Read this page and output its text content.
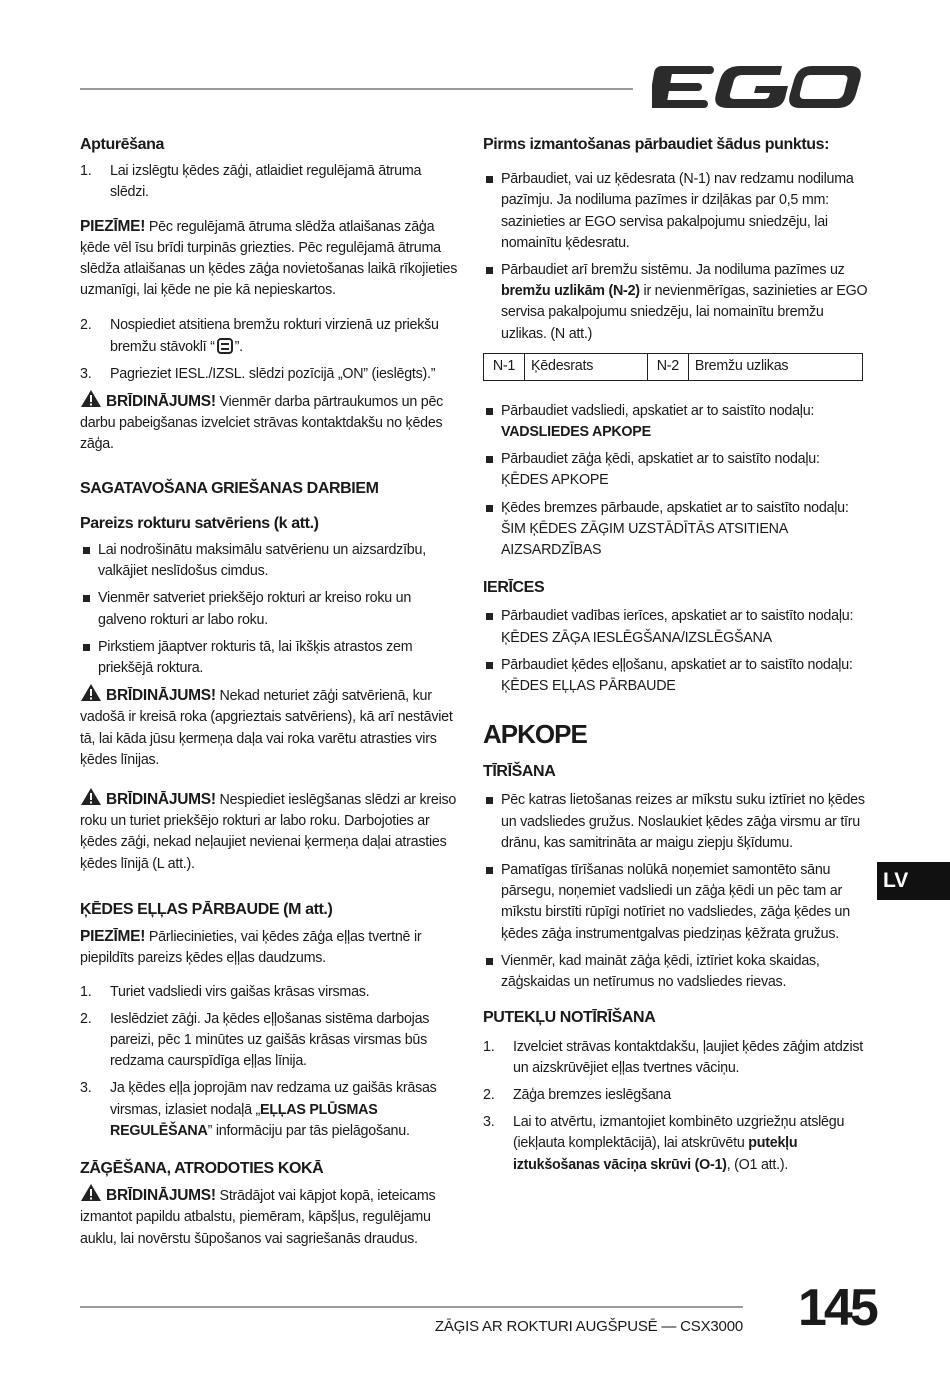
Apturēšana
1.	Lai izslēgtu ķēdes zāģi, atlaidiet regulējamā ātruma slēdzi.

PIEZĪME! Pēc regulējamā ātruma slēdža atlaišanas zāģa ķēde vēl īsu brīdi turpinās griezties. Pēc regulējamā ātruma slēdža atlaišanas un ķēdes zāģa novietošanas laikā rīkojieties uzmanīgi, lai ķēde ne pie kā nepieskartos.

2.	Nospiediet atsitiena bremžu rokturi virzienā uz priekšu bremžu stāvoklī “ ”.
3.	Pagrieziet IESL./IZSL. slēdzi pozīcijā „ON” (ieslēgts).”

BRĪDINĀJUMS! Vienmēr darba pārtraukumos un pēc darbu pabeigšanas izvelciet strāvas kontaktdakšu no ķēdes zāģa.

SAGATAVOŠANA GRIEŠANAS DARBIEM
Pareizs rokturu satvēriens (k att.)
Lai nodrošinātu maksimālu satvērienu un aizsardzību, valkājiet neslīdošus cimdus.
Vienmēr satveriet priekšējo rokturi ar kreiso roku un galveno rokturi ar labo roku.
Pirkstiem jāaptver rokturis tā, lai īkšķis atrastos zem priekšējā roktura.

BRĪDINĀJUMS! Nekad neturiet zāģi satvērienā, kur vadošā ir kreisā roka (apgrieztais satvēriens), kā arī nestāviet tā, lai kāda jūsu ķermeņa daļa vai roka varētu atrasties virs ķēdes līnijas.

BRĪDINĀJUMS! Nespiediet ieslēgšanas slēdzi ar kreiso roku un turiet priekšējo rokturi ar labo roku. Darbojoties ar ķēdes zāģi, nekad neļaujiet nevienai ķermeņa daļai atrasties ķēdes līnijā (L att.).

ĶĒDES EĻĻAS PĀRBAUDE (M att.)

PIEZĪME! Pārliecinieties, vai ķēdes zāģa eļļas tvertnē ir piepildīts pareizs ķēdes eļļas daudzums.

1.	Turiet vadsliedi virs gaišas krāsas virsmas.
2.	Ieslēdziet zāģi. Ja ķēdes eļļošanas sistēma darbojas pareizi, pēc 1 minūtes uz gaišās krāsas virsmas būs redzama caurspīdīga eļļas līnija.
3.	Ja ķēdes eļļa joprojām nav redzama uz gaišās krāsas virsmas, izlasiet nodaļā „EĻĻAS PLŪSMAS REGULĒŠANA” informāciju par tās pielāgošanu.
ZĀĢĒŠANA, ATRODOTIES KOKĀ

BRĪDINĀJUMS! Strādājot vai kāpjot kopā, ieteicams izmantot papildu atbalstu, piemēram, kāpšļus, regulējamu auklu, lai novērstu šūpošanos vai sagriešanās draudus.

Pirms izmantošanas pārbaudiet šādus punktus:
Pārbaudiet, vai uz ķēdesrata (N-1) nav redzamu nodiluma pazīmju. Ja nodiluma pazīmes ir dziļākas par 0,5 mm: sazinieties ar EGO servisa pakalpojumu sniedzēju, lai nomainītu ķēdesratu.
Pārbaudiet arī bremžu sistēmu. Ja nodiluma pazīmes uz bremžu uzlikām (N-2) ir nevienmērīgas, sazinieties ar EGO servisa pakalpojumu sniedzēju, lai nomainītu bremžu uzlikas. (N att.)
N-1	Ķēdesrats	N-2	Bremžu uzlikas
Pārbaudiet vadsliedi, apskatiet ar to saistīto nodaļu: VADSLIEDES APKOPE
Pārbaudiet zāģa ķēdi, apskatiet ar to saistīto nodaļu: ĶĒDES APKOPE
Ķēdes bremzes pārbaude, apskatiet ar to saistīto nodaļu: ŠIM ĶĒDES ZĀĢIM UZSTĀDĪTĀS ATSITIENA AIZSARDZĪBAS
IERĪCES
Pārbaudiet vadības ierīces, apskatiet ar to saistīto nodaļu: ĶĒDES ZĀĢA IESLĒGŠANA/IZSLĒGŠANA
Pārbaudiet ķēdes eļļošanu, apskatiet ar to saistīto nodaļu: ĶĒDES EĻĻAS PĀRBAUDE
APKOPE
TĪRĪŠANA
Pēc katras lietošanas reizes ar mīkstu suku iztīriet no ķēdes un vadsliedes gružus. Noslaukiet ķēdes zāģa virsmu ar tīru drānu, kas samitrināta ar maigu ziepju šķīdumu.
Pamatīgas tīrīšanas nolūkā noņemiet samontēto sānu pārsegu, noņemiet vadsliedi un zāģa ķēdi un pēc tam ar mīkstu birstīti rūpīgi notīriet no vadsliedes, zāģa ķēdes un ķēdes zāģa instrumentgalvas piedziņas ķēžrata gružus.
Vienmēr, kad maināt zāģa ķēdi, iztīriet koka skaidas, zāģskaidas un netīrumus no vadsliedes rievas.
PUTEKĻU NOTĪRĪŠANA
1.	Izvelciet strāvas kontaktdakšu, ļaujiet ķēdes zāģim atdzist un aizskrūvējiet eļļas tvertnes vāciņu.
2.	Zāģa bremzes ieslēgšana
3.	Lai to atvērtu, izmantojiet kombinēto uzgriežņu atslēgu (iekļauta komplektācijā), lai atskrūvētu putekļu iztukšošanas vāciņa skrūvi (O-1), (O1 att.).
LV
ZĀĢIS AR ROKTURI AUGŠPUSĒ — CSX3000 145
